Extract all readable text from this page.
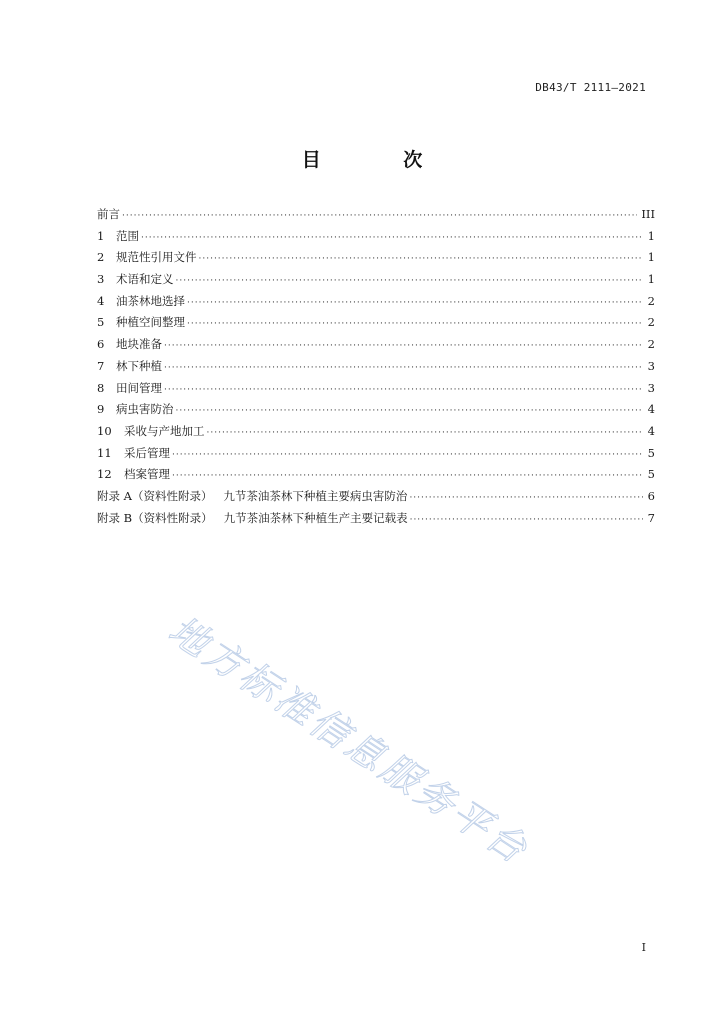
DB43/T 2111—2021
目 次
前言 ·····	III
1	范围 ·····	1
2	规范性引用文件 ·····	1
3	术语和定义 ·····	1
4	油茶林地选择 ·····	2
5	种植空间整理 ·····	2
6	地块准备 ·····	2
7	林下种植 ·····	3
8	田间管理 ·····	3
9	病虫害防治 ·····	4
10	采收与产地加工 ·····	4
11	采后管理 ·····	5
12	档案管理 ·····	5
附录 A（资料性附录）   九节茶油茶林下种植主要病虫害防治 ·····	6
附录 B（资料性附录）   九节茶油茶林下种植生产主要记载表 ·····	7
地方标准信息服务平台
I
